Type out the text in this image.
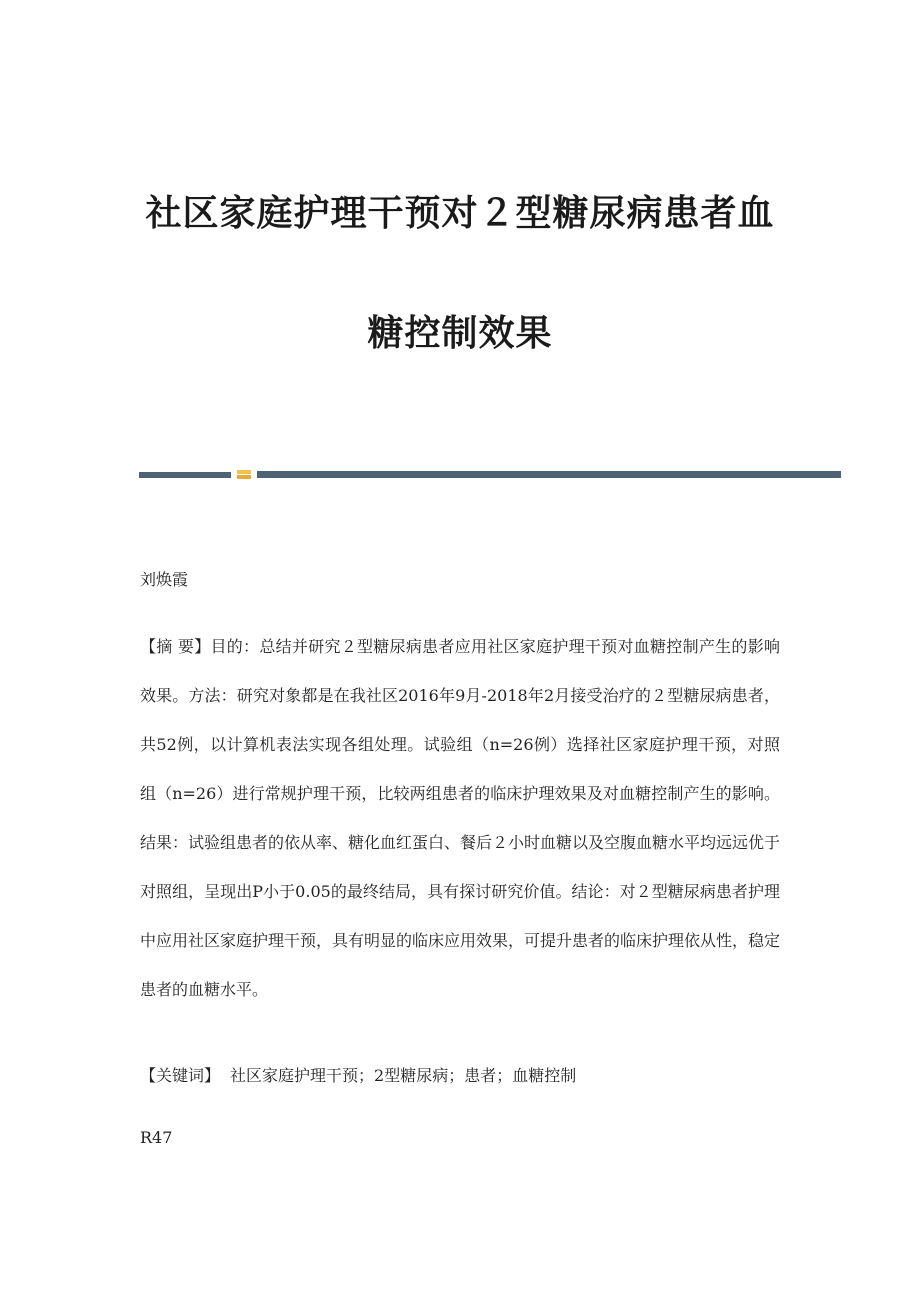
社区家庭护理干预对２型糖尿病患者血
糖控制效果
刘焕霞
【摘 要】目的：总结并研究２型糖尿病患者应用社区家庭护理干预对血糖控制产生的影响效果。方法：研究对象都是在我社区2016年9月-2018年2月接受治疗的２型糖尿病患者，共52例，以计算机表法实现各组处理。试验组（n=26例）选择社区家庭护理干预，对照组（n=26）进行常规护理干预，比较两组患者的临床护理效果及对血糖控制产生的影响。结果：试验组患者的依从率、糖化血红蛋白、餐后２小时血糖以及空腹血糖水平均远远优于对照组，呈现出P小于0.05的最终结局，具有探讨研究价值。结论：对２型糖尿病患者护理中应用社区家庭护理干预，具有明显的临床应用效果，可提升患者的临床护理依从性，稳定患者的血糖水平。
【关键词】 社区家庭护理干预；2型糖尿病；患者；血糖控制
R47
